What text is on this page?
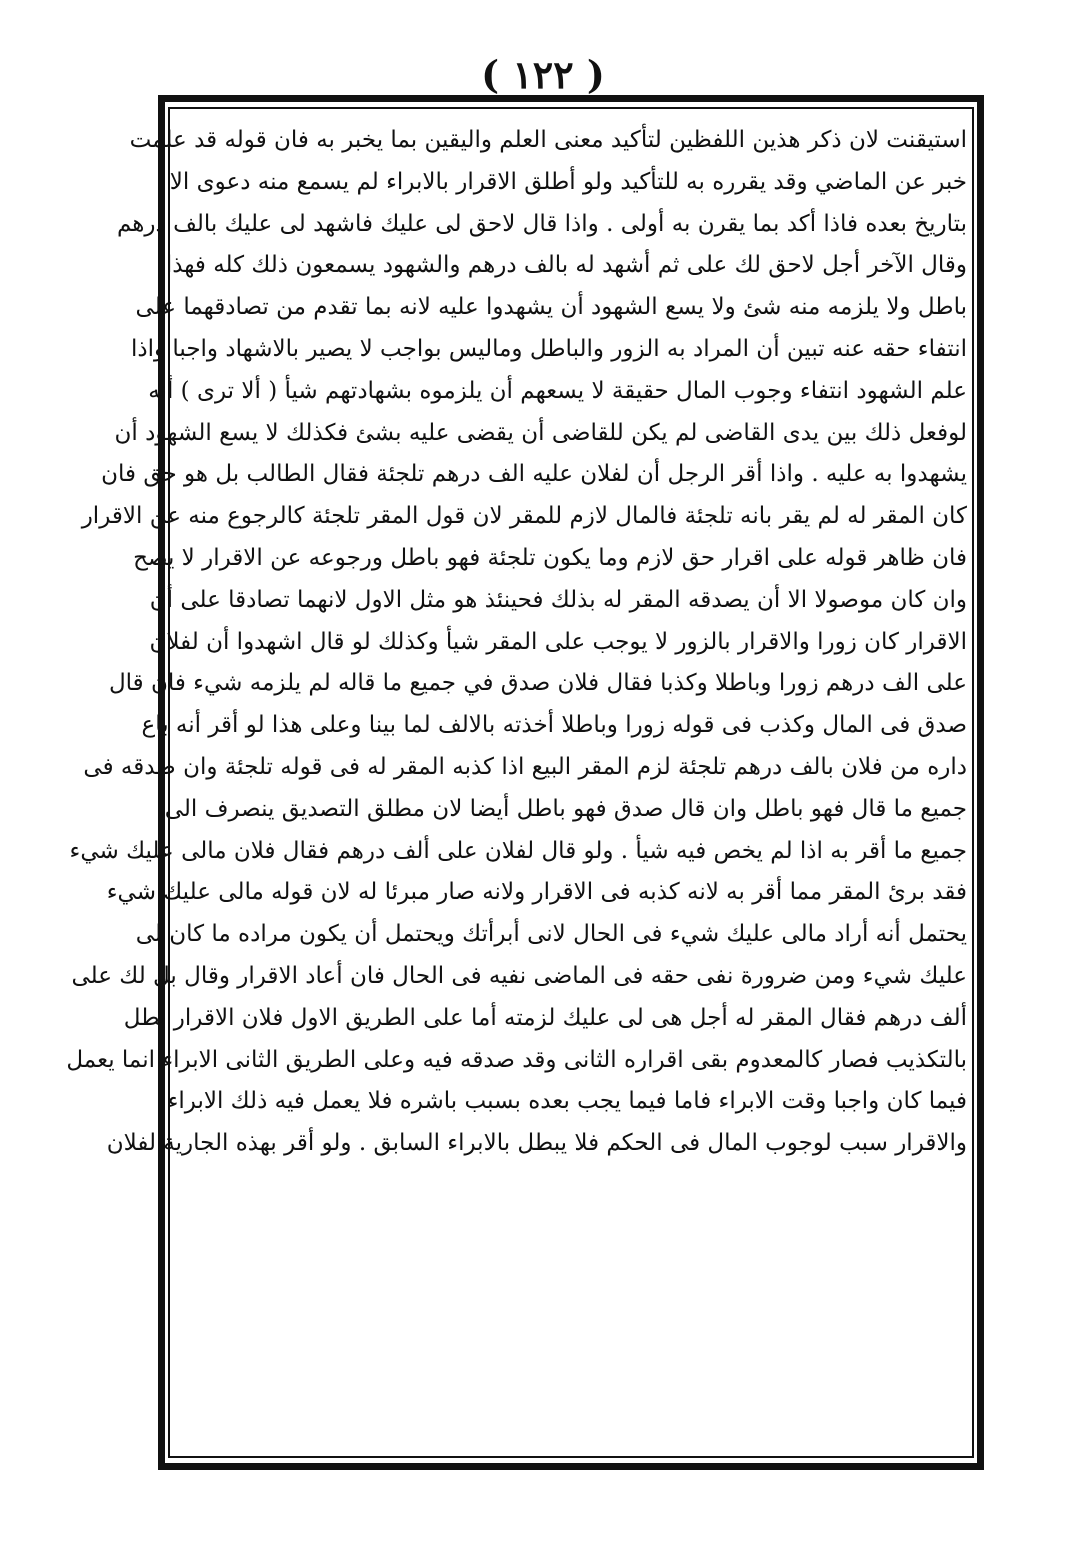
( ١٢٢ )
استيقنت لان ذكر هذين اللفظين لتأكيد معنى العلم واليقين بما يخبر به فان قوله قد علمت
خبر عن الماضي وقد يقرره به للتأكيد ولو أطلق الاقرار بالابراء لم يسمع منه دعوى الا
بتاريخ بعده فاذا أكد بما يقرن به أولى . واذا قال لاحق لى عليك فاشهد لى عليك بالف درهم
وقال الآخر أجل لاحق لك على ثم أشهد له بالف درهم والشهود يسمعون ذلك كله فهذا
باطل ولا يلزمه منه شئ ولا يسع الشهود أن يشهدوا عليه لانه بما تقدم من تصادقهما على
انتفاء حقه عنه تبين أن المراد به الزور والباطل وماليس بواجب لا يصير بالاشهاد واجبا واذا
علم الشهود انتفاء وجوب المال حقيقة لا يسعهم أن يلزموه بشهادتهم شيأ ( ألا ترى ) أنه
لوفعل ذلك بين يدى القاضى لم يكن للقاضى أن يقضى عليه بشئ فكذلك لا يسع الشهود أن
يشهدوا به عليه . واذا أقر الرجل أن لفلان عليه الف درهم تلجئة فقال الطالب بل هو حق فان
كان المقر له لم يقر بانه تلجئة فالمال لازم للمقر لان قول المقر تلجئة كالرجوع منه عن الاقرار
فان ظاهر قوله على اقرار حق لازم وما يكون تلجئة فهو باطل ورجوعه عن الاقرار لا يصح
وان كان موصولا الا أن يصدقه المقر له بذلك فحينئذ هو مثل الاول لانهما تصادقا على أن
الاقرار كان زورا والاقرار بالزور لا يوجب على المقر شيأ وكذلك لو قال اشهدوا أن لفلان
على الف درهم زورا وباطلا وكذبا فقال فلان صدق في جميع ما قاله لم يلزمه شيء فان قال
صدق فى المال وكذب فى قوله زورا وباطلا أخذته بالالف لما بينا وعلى هذا لو أقر أنه باع
داره من فلان بالف درهم تلجئة لزم المقر البيع اذا كذبه المقر له فى قوله تلجئة وان صدقه فى
جميع ما قال فهو باطل وان قال صدق فهو باطل أيضا لان مطلق التصديق ينصرف الى
جميع ما أقر به اذا لم يخص فيه شيأ . ولو قال لفلان على ألف درهم فقال فلان مالى عليك شيء
فقد برئ المقر مما أقر به لانه كذبه فى الاقرار ولانه صار مبرئا له لان قوله مالى عليك شيء
يحتمل أنه أراد مالى عليك شيء فى الحال لانى أبرأتك ويحتمل أن يكون مراده ما كان لى
عليك شيء ومن ضرورة نفى حقه فى الماضى نفيه فى الحال فان أعاد الاقرار وقال بل لك على
ألف درهم فقال المقر له أجل هى لى عليك لزمته أما على الطريق الاول فلان الاقرار بطل
بالتكذيب فصار كالمعدوم بقى اقراره الثانى وقد صدقه فيه وعلى الطريق الثانى الابراء انما يعمل
فيما كان واجبا وقت الابراء فاما فيما يجب بعده بسبب باشره فلا يعمل فيه ذلك الابراء
والاقرار سبب لوجوب المال فى الحكم فلا يبطل بالابراء السابق . ولو أقر بهذه الجارية لفلان
